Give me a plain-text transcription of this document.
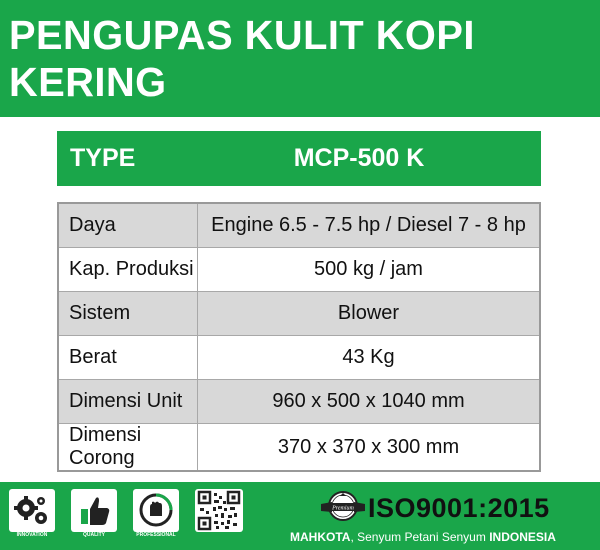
PENGUPAS KULIT KOPI KERING
TYPE	MCP-500 K
Daya	Engine 6.5 - 7.5 hp / Diesel 7 - 8 hp
Kap. Produksi	500 kg / jam
Sistem	Blower
Berat	43 Kg
Dimensi Unit	960 x 500 x 1040 mm
Dimensi Corong	370 x 370 x 300 mm
INNOVATION	QUALITY	PROFESSIONAL
Premium ISO9001:2015
MAHKOTA, Senyum Petani Senyum INDONESIA
